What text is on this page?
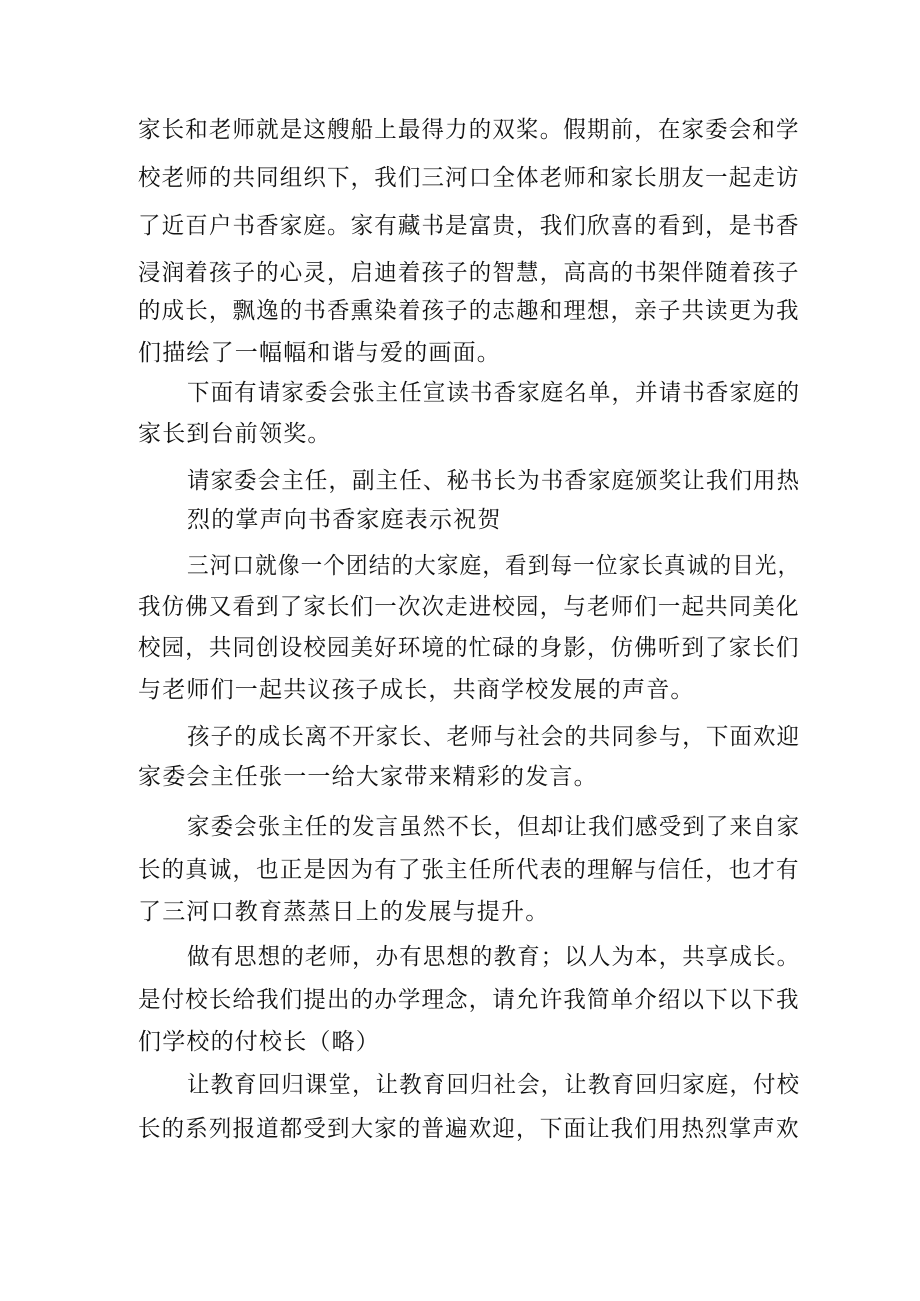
家长和老师就是这艘船上最得力的双桨。假期前，在家委会和学

校老师的共同组织下，我们三河口全体老师和家长朋友一起走访

了近百户书香家庭。家有藏书是富贵，我们欣喜的看到，是书香

浸润着孩子的心灵，启迪着孩子的智慧，高高的书架伴随着孩子

的成长，飘逸的书香熏染着孩子的志趣和理想，亲子共读更为我

们描绘了一幅幅和谐与爱的画面。

下面有请家委会张主任宣读书香家庭名单，并请书香家庭的

家长到台前领奖。

请家委会主任，副主任、秘书长为书香家庭颁奖让我们用热

烈的掌声向书香家庭表示祝贺

三河口就像一个团结的大家庭，看到每一位家长真诚的目光，

我仿佛又看到了家长们一次次走进校园，与老师们一起共同美化

校园，共同创设校园美好环境的忙碌的身影，仿佛听到了家长们

与老师们一起共议孩子成长，共商学校发展的声音。

孩子的成长离不开家长、老师与社会的共同参与，下面欢迎

家委会主任张一一给大家带来精彩的发言。

家委会张主任的发言虽然不长，但却让我们感受到了来自家

长的真诚，也正是因为有了张主任所代表的理解与信任，也才有

了三河口教育蒸蒸日上的发展与提升。

做有思想的老师，办有思想的教育；以人为本，共享成长。

是付校长给我们提出的办学理念，请允许我简单介绍以下以下我

们学校的付校长（略）

让教育回归课堂，让教育回归社会，让教育回归家庭，付校

长的系列报道都受到大家的普遍欢迎，下面让我们用热烈掌声欢
